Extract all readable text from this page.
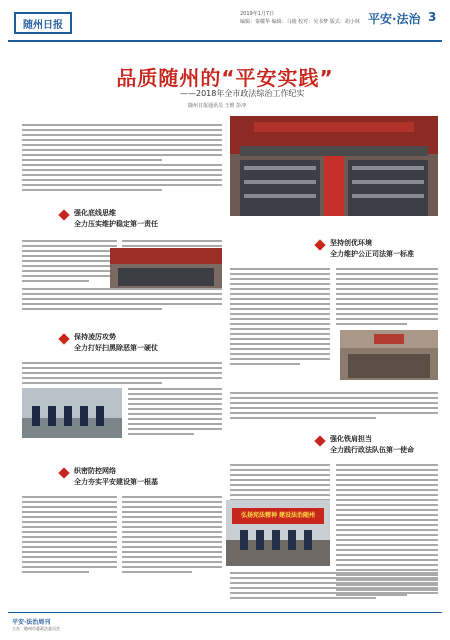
随州日报
2019年1月7日
编辑：秦耀华 编辑：马俊 校对：吴书梦 版式：胡小林 平安·法治 3
品质随州的“平安实践”
——2018年全市政法综治工作纪实
随州日报通讯员 王维 彭冲
强化底线思维
全力压实维护稳定第一责任
保持凌厉攻势
全力打好扫黑除恶第一硬仗
织密防控网络
全力夯实平安建设第一根基
坚持创优环境
全力维护公正司法第一标准
强化铁肩担当
全力践行政法队伍第一使命
弘扬宪法精神 建设法治随州
平安·法治周刊
主办：随州市委政法委员会
